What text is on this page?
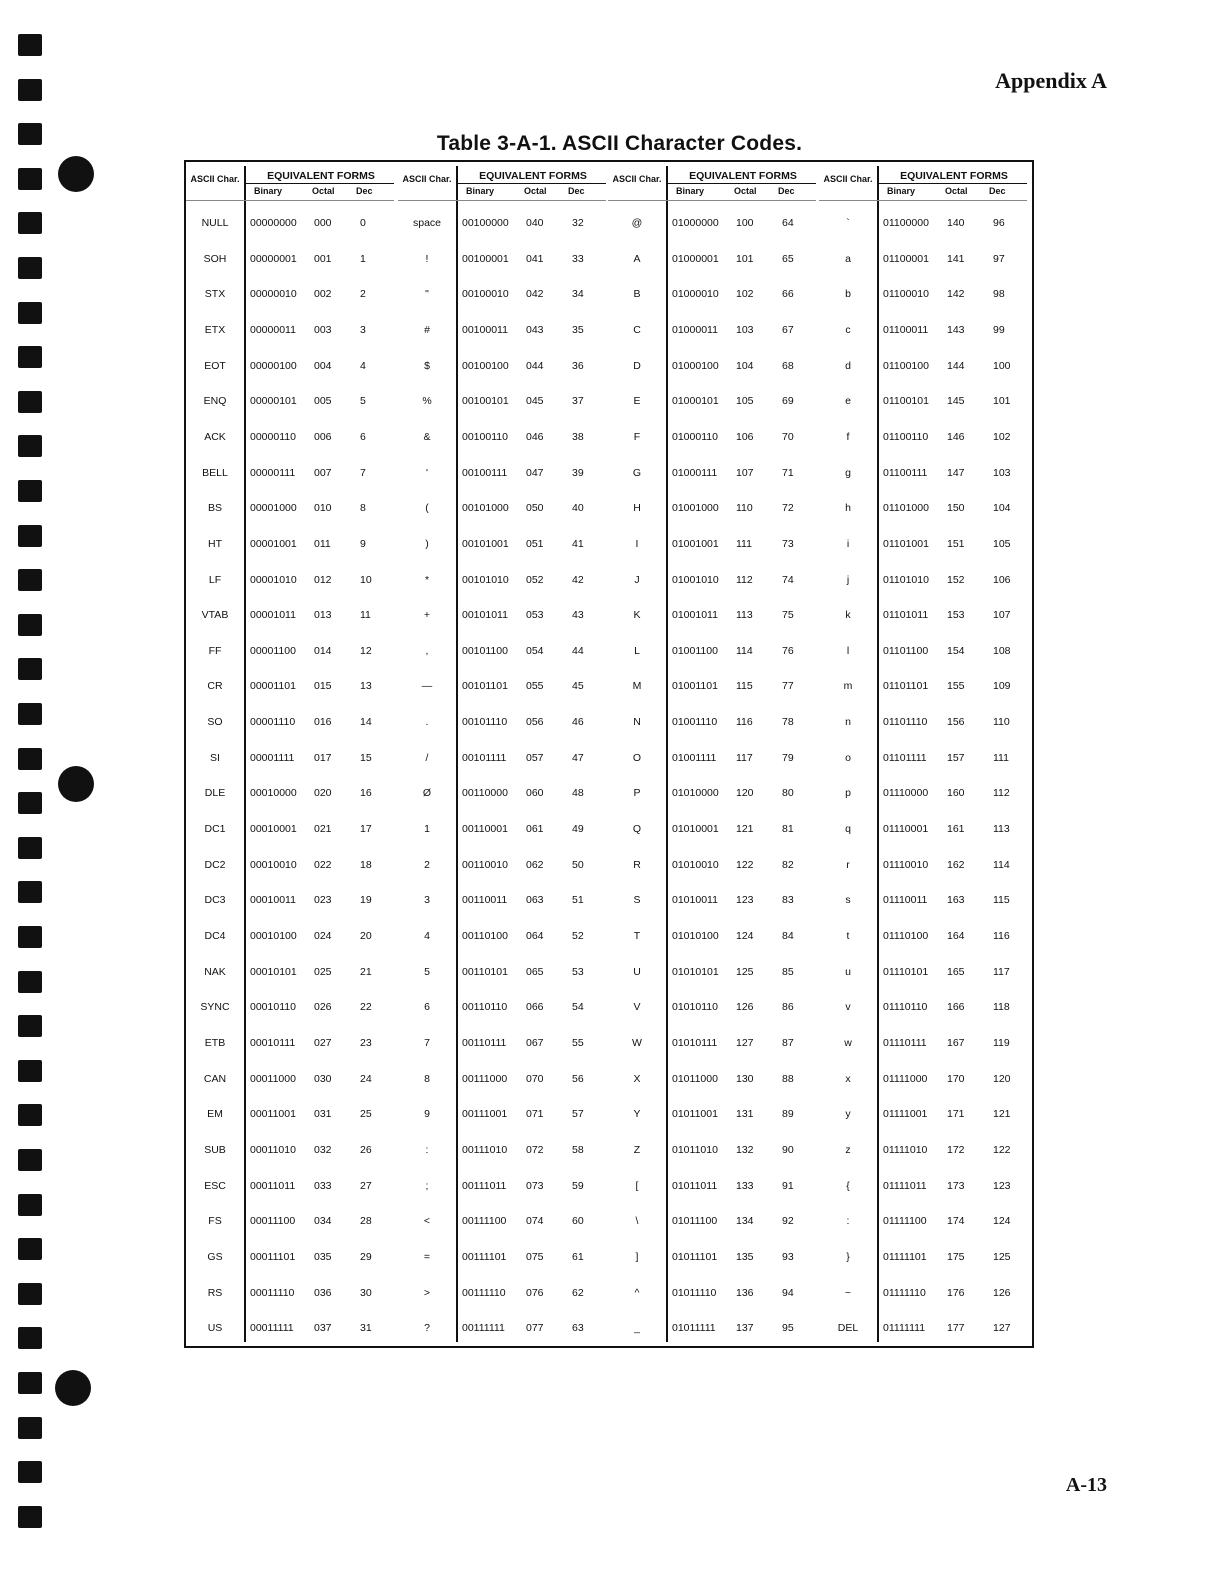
Appendix A
Table 3-A-1. ASCII Character Codes.
ASCII Char.	EQUIVALENT FORMS
Binary	Octal Dec
NULL	00000000 000	0
SOH	00000001 001	1
STX	00000010 002	2
ETX	00000011 003	3
EOT	00000100 004	4
ENQ	00000101 005	5
ACK	00000110 006	6
BELL	00000111 007	7
BS	00001000 010	8
HT	00001001 011	9
LF	00001010 012	10
VTAB	00001011 013	11
FF	00001100 014	12
CR	00001101 015	13
SO	00001110 016	14
SI	00001111 017	15
DLE	00010000 020	16
DC1	00010001 021	17
DC2	00010010 022	18
DC3	00010011 023	19
DC4	00010100 024	20
NAK	00010101 025	21
SYNC	00010110 026	22
ETB	00010111 027	23
CAN	00011000 030	24
EM	00011001 031	25
SUB	00011010 032	26
ESC	00011011 033	27
FS	00011100 034	28
GS	00011101 035	29
RS	00011110 036	30
US	00011111 037	31
ASCII Char.	EQUIVALENT FORMS
Binary	Octal Dec
space	00100000 040	32
!	00100001 041	33
"	00100010 042	34
#	00100011 043	35
$	00100100 044	36
%	00100101 045	37
&	00100110 046	38
'	00100111 047	39
(	00101000 050	40
)	00101001 051	41
*	00101010 052	42
+	00101011 053	43
,	00101100 054	44
—	00101101 055	45
.	00101110 056	46
/	00101111 057	47
Ø	00110000 060	48
1	00110001 061	49
2	00110010 062	50
3	00110011 063	51
4	00110100 064	52
5	00110101 065	53
6	00110110 066	54
7	00110111 067	55
8	00111000 070	56
9	00111001 071	57
:	00111010 072	58
;	00111011 073	59
<	00111100 074	60
=	00111101 075	61
>	00111110 076	62
?	00111111 077	63
ASCII Char.	EQUIVALENT FORMS
Binary	Octal Dec
@	01000000 100	64
A	01000001 101	65
B	01000010 102	66
C	01000011 103	67
D	01000100 104	68
E	01000101 105	69
F	01000110 106	70
G	01000111 107	71
H	01001000 110	72
I	01001001 111	73
J	01001010 112	74
K	01001011 113	75
L	01001100 114	76
M	01001101 115	77
N	01001110 116	78
O	01001111 117	79
P	01010000 120	80
Q	01010001 121	81
R	01010010 122	82
S	01010011 123	83
T	01010100 124	84
U	01010101 125	85
V	01010110 126	86
W	01010111 127	87
X	01011000 130	88
Y	01011001 131	89
Z	01011010 132	90
[	01011011 133	91
\	01011100 134	92
]	01011101 135	93
^	01011110 136	94
_	01011111 137	95
ASCII Char.	EQUIVALENT FORMS
Binary	Octal Dec
`	01100000 140	96
a	01100001 141	97
b	01100010 142	98
c	01100011 143	99
d	01100100 144	100
e	01100101 145	101
f	01100110 146	102
g	01100111 147	103
h	01101000 150	104
i	01101001 151	105
j	01101010 152	106
k	01101011 153	107
l	01101100 154	108
m	01101101 155	109
n	01101110 156	110
o	01101111 157	111
p	01110000 160	112
q	01110001 161	113
r	01110010 162	114
s	01110011 163	115
t	01110100 164	116
u	01110101 165	117
v	01110110 166	118
w	01110111 167	119
x	01111000 170	120
y	01111001 171	121
z	01111010 172	122
{	01111011 173	123
:	01111100 174	124
}	01111101 175	125
~	01111110 176	126
DEL	01111111 177	127
A-13
